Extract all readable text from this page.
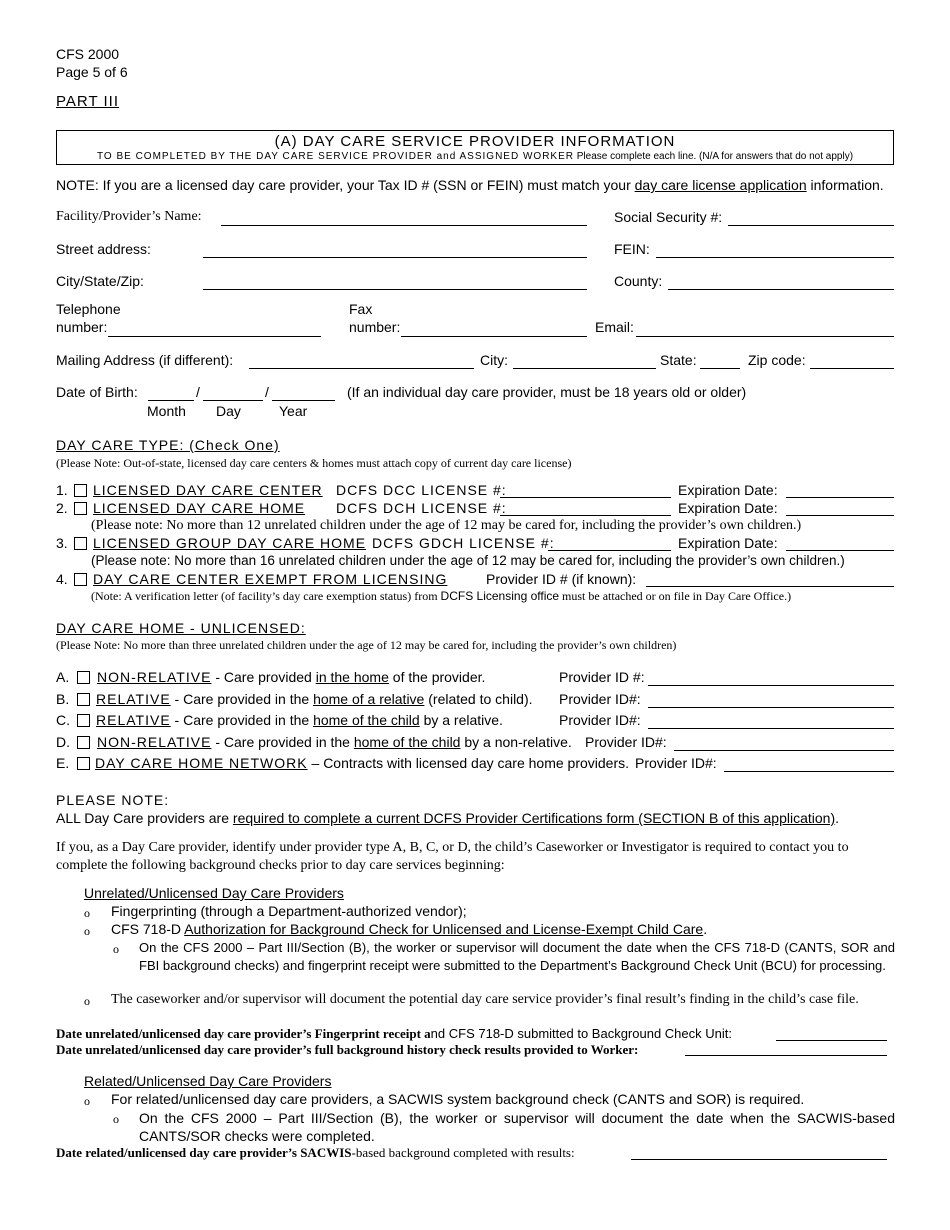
CFS 2000
Page 5 of 6
PART III
(A) DAY CARE SERVICE PROVIDER INFORMATION
TO BE COMPLETED BY THE DAY CARE SERVICE PROVIDER and ASSIGNED WORKER Please complete each line. (N/A for answers that do not apply)
NOTE: If you are a licensed day care provider, your Tax ID # (SSN or FEIN) must match your day care license application information.
Facility/Provider’s Name:	Social Security #:
Street address:	FEIN:
City/State/Zip:	County:
Telephone
number:
Fax
number:	Email:
Mailing Address (if different):	City:	State:	Zip code:
Date of Birth:	/	/	(If an individual day care provider, must be 18 years old or older)
Month Day	Year
DAY CARE TYPE: (Check One)
(Please Note: Out-of-state, licensed day care centers & homes must attach copy of current day care license)
1. LICENSED DAY CARE CENTER DCFS DCC LICENSE #:	Expiration Date:
2. LICENSED DAY CARE HOME DCFS DCH LICENSE #:	Expiration Date:
(Please note: No more than 12 unrelated children under the age of 12 may be cared for, including the provider’s own children.)
3. LICENSED GROUP DAY CARE HOME DCFS GDCH LICENSE #:	Expiration Date:
(Please note: No more than 16 unrelated children under the age of 12 may be cared for, including the provider’s own children.)
4. DAY CARE CENTER EXEMPT FROM LICENSING	Provider ID # (if known):
(Note: A verification letter (of facility’s day care exemption status) from DCFS Licensing office must be attached or on file in Day Care Office.)
DAY CARE HOME - UNLICENSED:
(Please Note: No more than three unrelated children under the age of 12 may be cared for, including the provider’s own children)
A. NON-RELATIVE - Care provided in the home of the provider.	Provider ID #:
B. RELATIVE - Care provided in the home of a relative (related to child). Provider ID#:
C. RELATIVE - Care provided in the home of the child by a relative.	Provider ID#:
D. NON-RELATIVE - Care provided in the home of the child by a non-relative. Provider ID#:
E. DAY CARE HOME NETWORK – Contracts with licensed day care home providers. Provider ID#:
PLEASE NOTE:
ALL Day Care providers are required to complete a current DCFS Provider Certifications form (SECTION B of this application).
If you, as a Day Care provider, identify under provider type A, B, C, or D, the child’s Caseworker or Investigator is required to contact you to complete the following background checks prior to day care services beginning:
Unrelated/Unlicensed Day Care Providers
o Fingerprinting (through a Department-authorized vendor);
o CFS 718-D Authorization for Background Check for Unlicensed and License-Exempt Child Care.
o On the CFS 2000 – Part III/Section (B), the worker or supervisor will document the date when the CFS 718-D (CANTS, SOR and FBI background checks) and fingerprint receipt were submitted to the Department’s Background Check Unit (BCU) for processing.
o The caseworker and/or supervisor will document the potential day care service provider’s final result’s finding in the child’s case file.
Date unrelated/unlicensed day care provider’s Fingerprint receipt and CFS 718-D submitted to Background Check Unit:
Date unrelated/unlicensed day care provider’s full background history check results provided to Worker:
Related/Unlicensed Day Care Providers
o For related/unlicensed day care providers, a SACWIS system background check (CANTS and SOR) is required.
o On the CFS 2000 – Part III/Section (B), the worker or supervisor will document the date when the SACWIS-based CANTS/SOR checks were completed.
Date related/unlicensed day care provider’s SACWIS-based background completed with results:
